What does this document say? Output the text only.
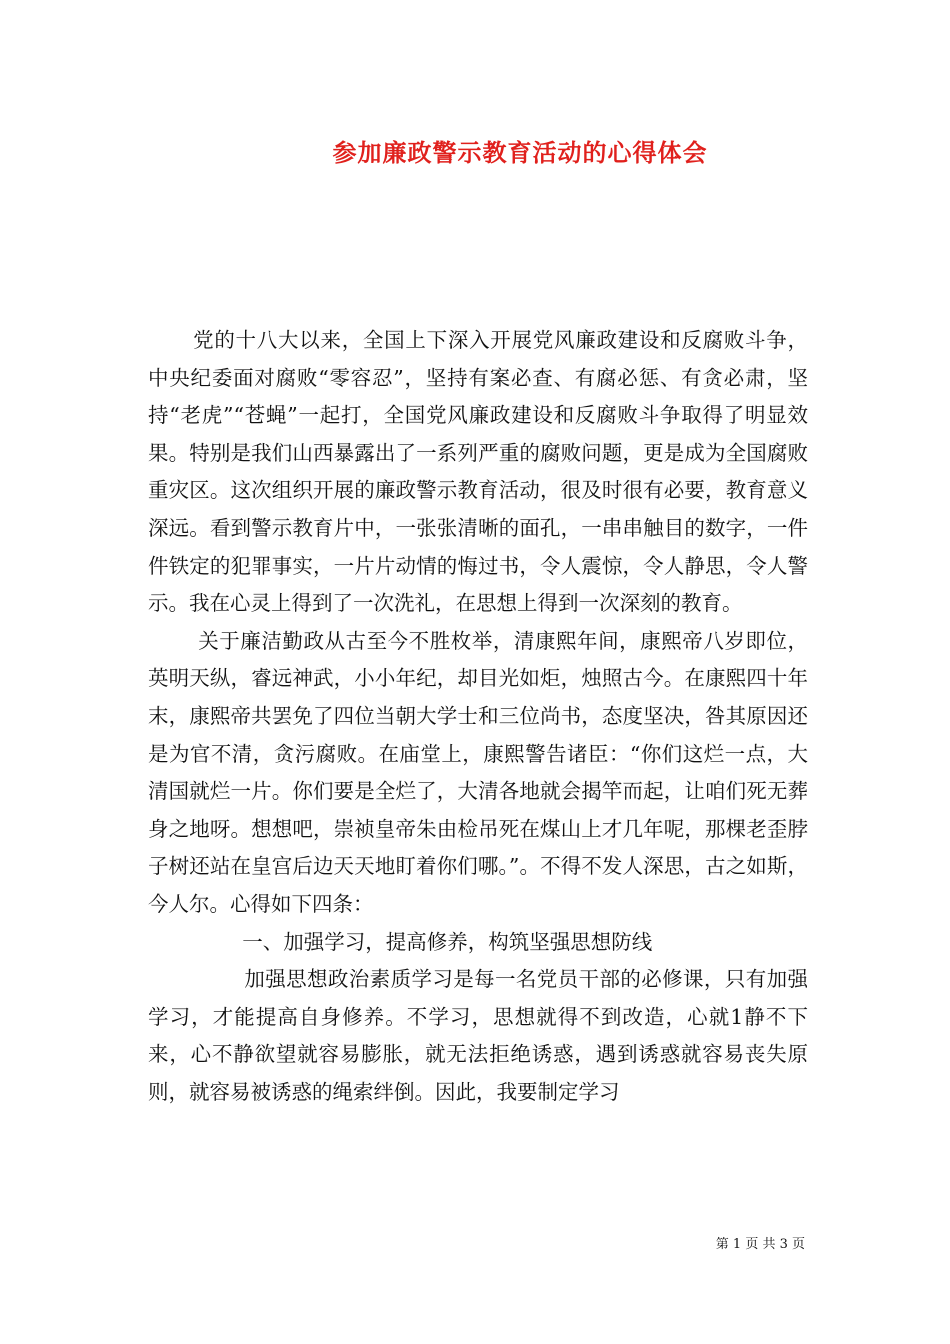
参加廉政警示教育活动的心得体会

党的十八大以来，全国上下深入开展党风廉政建设和反腐败斗争，中央纪委面对腐败“零容忍”，坚持有案必查、有腐必惩、有贪必肃，坚持“老虎”“苍蝇”一起打，全国党风廉政建设和反腐败斗争取得了明显效果。特别是我们山西暴露出了一系列严重的腐败问题，更是成为全国腐败重灾区。这次组织开展的廉政警示教育活动，很及时很有必要，教育意义深远。看到警示教育片中，一张张清晰的面孔，一串串触目的数字，一件件铁定的犯罪事实，一片片动情的悔过书，令人震惊，令人静思，令人警示。我在心灵上得到了一次洗礼，在思想上得到一次深刻的教育。

关于廉洁勤政从古至今不胜枚举，清康熙年间，康熙帝八岁即位，英明天纵，睿远神武，小小年纪，却目光如炬，烛照古今。在康熙四十年末，康熙帝共罢免了四位当朝大学士和三位尚书，态度坚决，咎其原因还是为官不清，贪污腐败。在庙堂上，康熙警告诸臣：“你们这烂一点，大清国就烂一片。你们要是全烂了，大清各地就会揭竿而起，让咱们死无葬身之地呀。想想吧，崇祯皇帝朱由检吊死在煤山上才几年呢，那棵老歪脖子树还站在皇宫后边天天地盯着你们哪。”。不得不发人深思，古之如斯，今人尔。心得如下四条：

一、加强学习，提高修养，构筑坚强思想防线

加强思想政治素质学习是每一名党员干部的必修课，只有加强学习，才能提高自身修养。不学习，思想就得不到改造，心就1静不下来，心不静欲望就容易膨胀，就无法拒绝诱惑，遇到诱惑就容易丧失原则，就容易被诱惑的绳索绊倒。因此，我要制定学习

第 1 页 共 3 页
